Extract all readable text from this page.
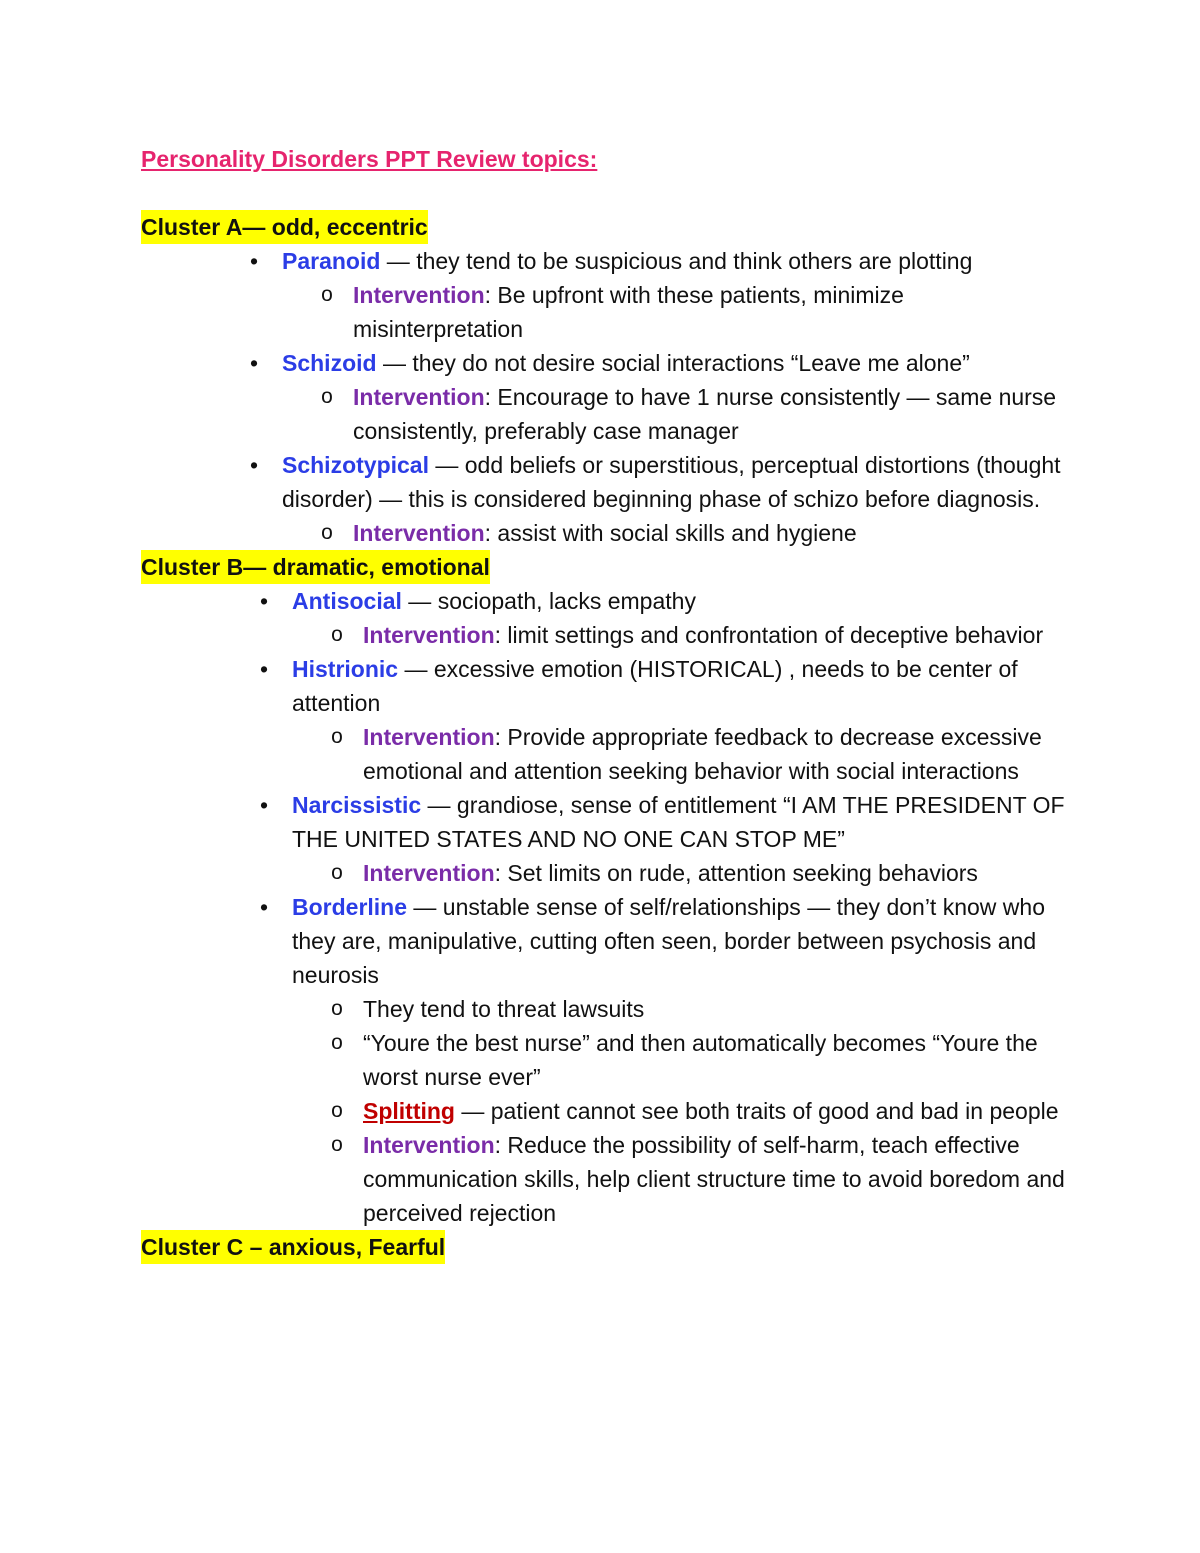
Personality Disorders PPT Review topics:
Cluster A— odd, eccentric
• Paranoid — they tend to be suspicious and think others are plotting
o Intervention: Be upfront with these patients, minimize misinterpretation
• Schizoid — they do not desire social interactions “Leave me alone”
o Intervention: Encourage to have 1 nurse consistently — same nurse consistently, preferably case manager
• Schizotypical — odd beliefs or superstitious, perceptual distortions (thought disorder) — this is considered beginning phase of schizo before diagnosis.
o Intervention: assist with social skills and hygiene
Cluster B— dramatic, emotional
• Antisocial — sociopath, lacks empathy
o Intervention: limit settings and confrontation of deceptive behavior
• Histrionic — excessive emotion (HISTORICAL) , needs to be center of attention
o Intervention: Provide appropriate feedback to decrease excessive emotional and attention seeking behavior with social interactions
• Narcissistic — grandiose, sense of entitlement “I AM THE PRESIDENT OF THE UNITED STATES AND NO ONE CAN STOP ME”
o Intervention: Set limits on rude, attention seeking behaviors
• Borderline — unstable sense of self/relationships — they don’t know who they are, manipulative, cutting often seen, border between psychosis and neurosis
o They tend to threat lawsuits
o “Youre the best nurse” and then automatically becomes “Youre the worst nurse ever”
o Splitting — patient cannot see both traits of good and bad in people
o Intervention: Reduce the possibility of self-harm, teach effective communication skills, help client structure time to avoid boredom and perceived rejection
Cluster C – anxious, Fearful
